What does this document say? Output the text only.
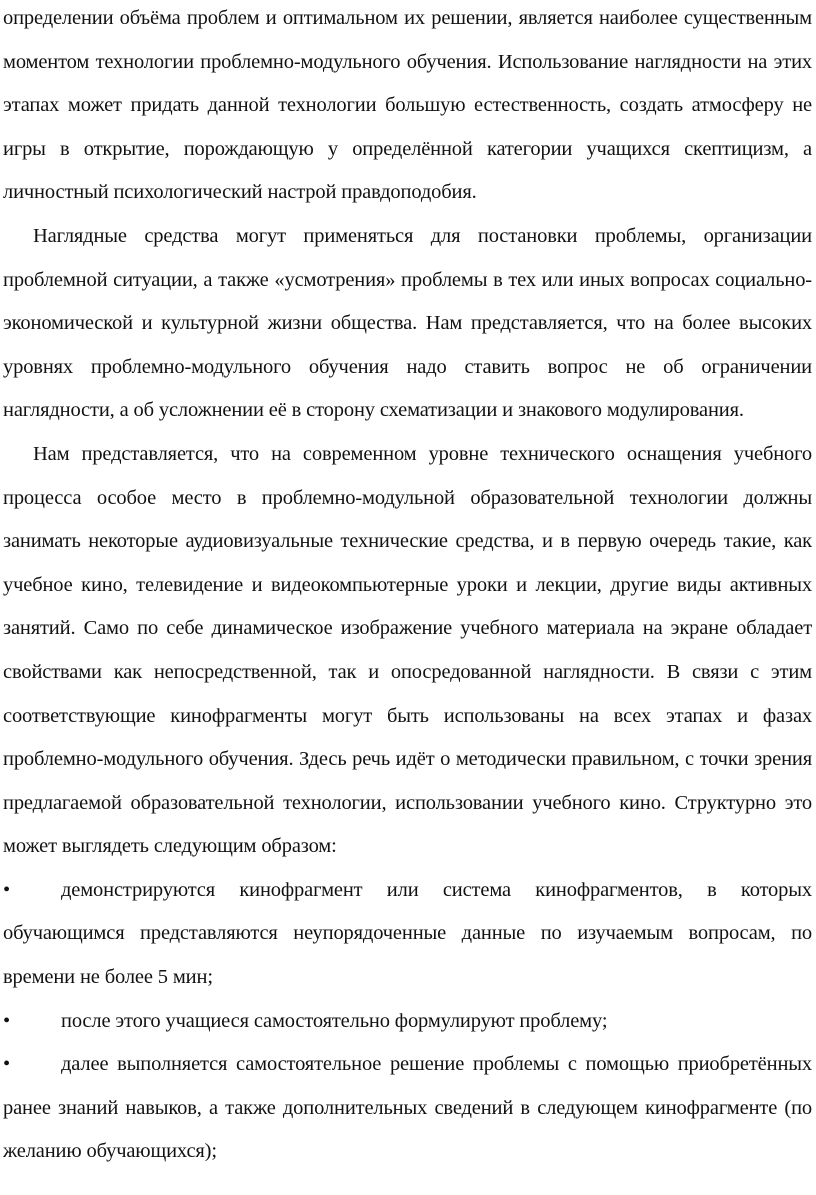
определении объёма проблем и оптимальном их решении, является наиболее существенным моментом технологии проблемно-модульного обучения. Использование наглядности на этих этапах может придать данной технологии большую естественность, создать атмосферу не игры в открытие, порождающую у определённой категории учащихся скептицизм, а личностный психологический настрой правдоподобия.

Наглядные средства могут применяться для постановки проблемы, организации проблемной ситуации, а также «усмотрения» проблемы в тех или иных вопросах социально-экономической и культурной жизни общества. Нам представляется, что на более высоких уровнях проблемно-модульного обучения надо ставить вопрос не об ограничении наглядности, а об усложнении её в сторону схематизации и знакового модулирования.

Нам представляется, что на современном уровне технического оснащения учебного процесса особое место в проблемно-модульной образовательной технологии должны занимать некоторые аудиовизуальные технические средства, и в первую очередь такие, как учебное кино, телевидение и видеокомпьютерные уроки и лекции, другие виды активных занятий. Само по себе динамическое изображение учебного материала на экране обладает свойствами как непосредственной, так и опосредованной наглядности. В связи с этим соответствующие кинофрагменты могут быть использованы на всех этапах и фазах проблемно-модульного обучения. Здесь речь идёт о методически правильном, с точки зрения предлагаемой образовательной технологии, использовании учебного кино. Структурно это может выглядеть следующим образом:

• демонстрируются кинофрагмент или система кинофрагментов, в которых обучающимся представляются неупорядоченные данные по изучаемым вопросам, по времени не более 5 мин;

• после этого учащиеся самостоятельно формулируют проблему;

• далее выполняется самостоятельное решение проблемы с помощью приобретённых ранее знаний навыков, а также дополнительных сведений в следующем кинофрагменте (по желанию обучающихся);
